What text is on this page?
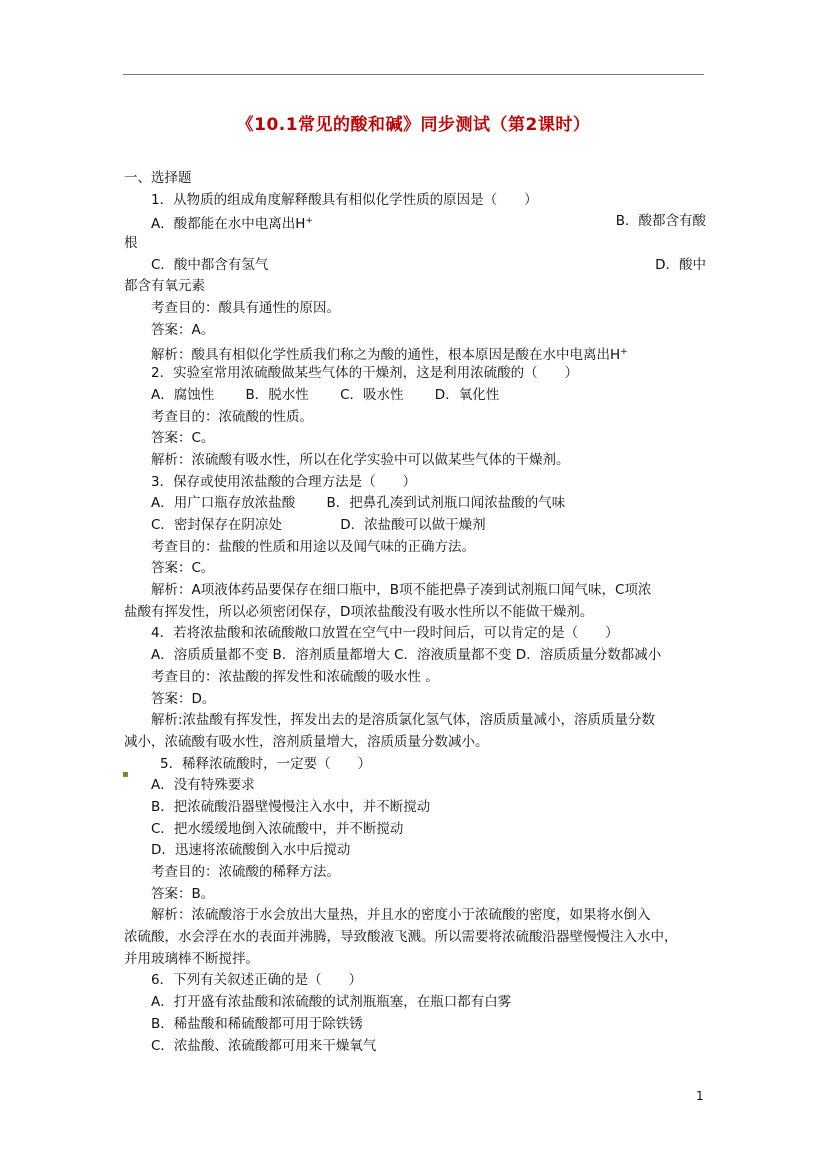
《10.1常见的酸和碱》同步测试（第2课时）
一、选择题
1．从物质的组成角度解释酸具有相似化学性质的原因是（　　）
A．酸都能在水中电离出H+	B．酸都含有酸
根
C．酸中都含有氢气	D．酸中
都含有氧元素
考查目的：酸具有通性的原因。
答案：A。
解析：酸具有相似化学性质我们称之为酸的通性，根本原因是酸在水中电离出H+
2．实验室常用浓硫酸做某些气体的干燥剂，这是利用浓硫酸的（　　）
A．腐蚀性　　 B．脱水性　　 C．吸水性　　 D．氧化性
考查目的：浓硫酸的性质。
答案：C。
解析：浓硫酸有吸水性，所以在化学实验中可以做某些气体的干燥剂。
3．保存或使用浓盐酸的合理方法是（　　）
A．用广口瓶存放浓盐酸　　 B．把鼻孔凑到试剂瓶口闻浓盐酸的气味
C．密封保存在阴凉处　　　　 D．浓盐酸可以做干燥剂
考查目的：盐酸的性质和用途以及闻气味的正确方法。
答案：C。
解析：A项液体药品要保存在细口瓶中，B项不能把鼻子凑到试剂瓶口闻气味，C项浓
盐酸有挥发性，所以必须密闭保存，D项浓盐酸没有吸水性所以不能做干燥剂。
4．若将浓盐酸和浓硫酸敞口放置在空气中一段时间后，可以肯定的是（　　）
A．溶质质量都不变 B．溶剂质量都增大 C．溶液质量都不变 D．溶质质量分数都减小
考查目的：浓盐酸的挥发性和浓硫酸的吸水性 。
答案：D。
解析:浓盐酸有挥发性，挥发出去的是溶质氯化氢气体，溶质质量减小，溶质质量分数
减小，浓硫酸有吸水性，溶剂质量增大，溶质质量分数减小。
▪
5．稀释浓硫酸时，一定要（　　）
A．没有特殊要求
B．把浓硫酸沿器壁慢慢注入水中，并不断搅动
C．把水缓缓地倒入浓硫酸中，并不断搅动
D．迅速将浓硫酸倒入水中后搅动
考查目的：浓硫酸的稀释方法。
答案：B。
解析：浓硫酸溶于水会放出大量热，并且水的密度小于浓硫酸的密度，如果将水倒入
浓硫酸，水会浮在水的表面并沸腾，导致酸液飞溅。所以需要将浓硫酸沿器壁慢慢注入水中，
并用玻璃棒不断搅拌。
6．下列有关叙述正确的是（　　）
A．打开盛有浓盐酸和浓硫酸的试剂瓶瓶塞，在瓶口都有白雾
B．稀盐酸和稀硫酸都可用于除铁锈
C．浓盐酸、浓硫酸都可用来干燥氧气
1
